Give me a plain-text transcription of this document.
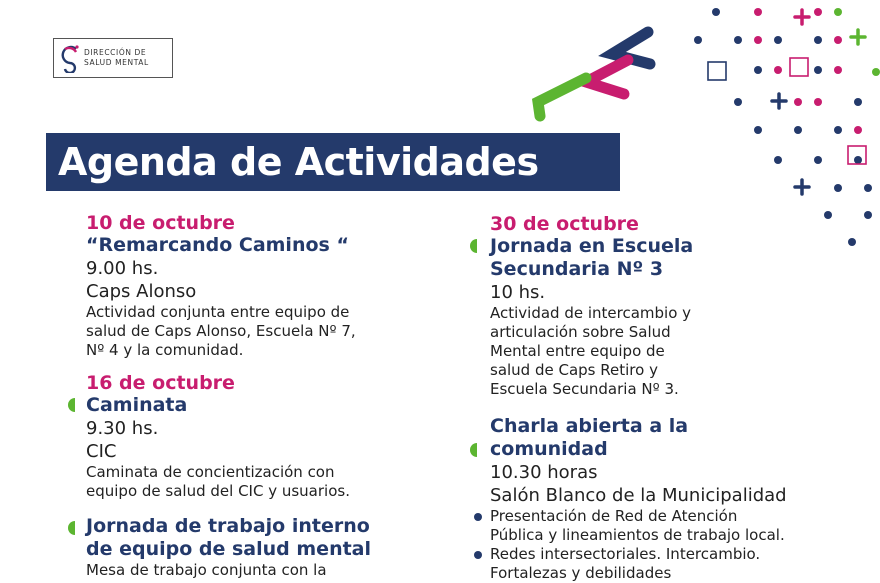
DIRECCIÓN DE
SALUD MENTAL
Agenda de Actividades
10 de octubre
“Remarcando Caminos “
9.00 hs.
Caps Alonso
Actividad conjunta entre equipo de
salud de Caps Alonso, Escuela Nº 7,
Nº 4 y la comunidad.
16 de octubre
Caminata
9.30 hs.
CIC
Caminata de concientización con
equipo de salud del CIC y usuarios.
Jornada de trabajo interno
de equipo de salud mental
Mesa de trabajo conjunta con la
30 de octubre
Jornada en Escuela
Secundaria Nº 3
10 hs.
Actividad de intercambio y
articulación sobre Salud
Mental entre equipo de
salud de Caps Retiro y
Escuela Secundaria Nº 3.
Charla abierta a la
comunidad
10.30 horas
Salón Blanco de la Municipalidad
Presentación de Red de Atención
Pública y lineamientos de trabajo local.
Redes intersectoriales. Intercambio.
Fortalezas y debilidades
